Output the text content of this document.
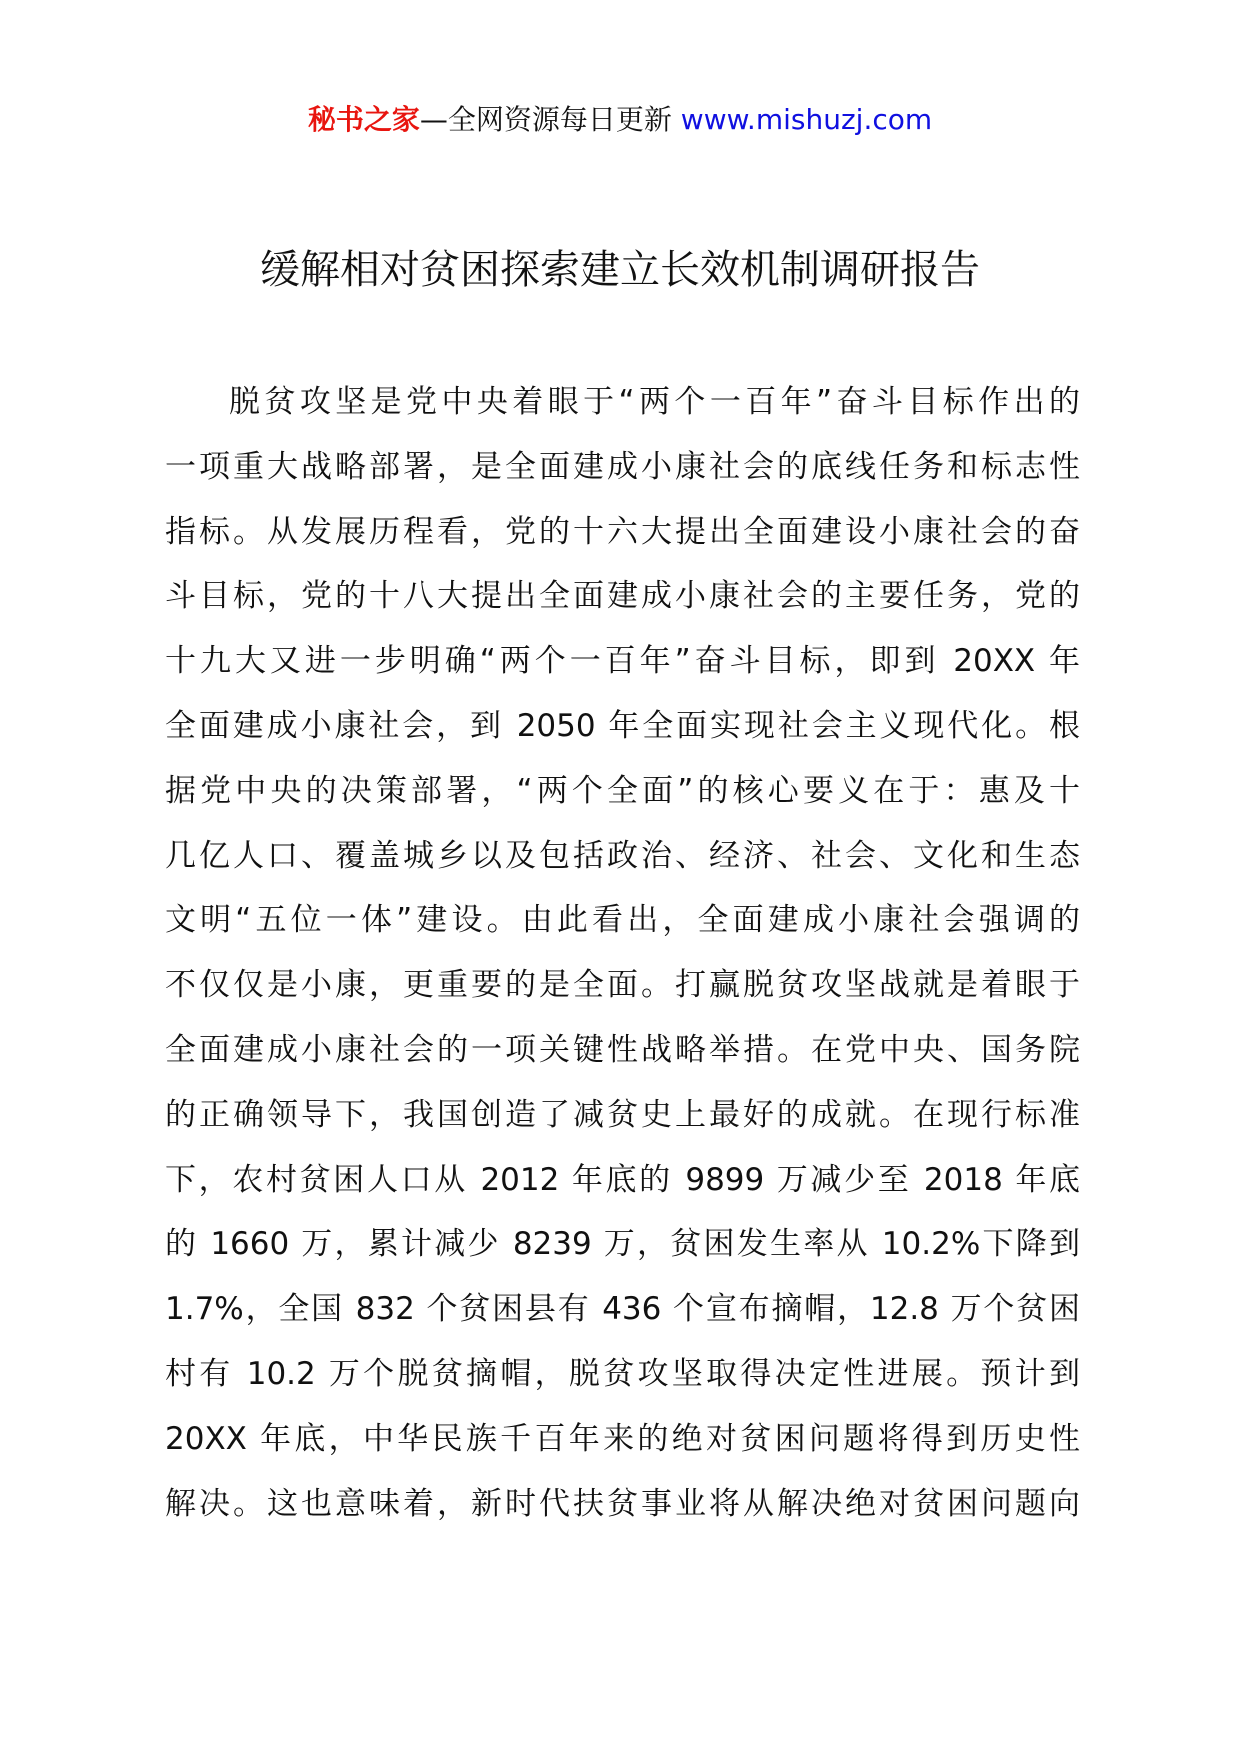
秘书之家—全网资源每日更新 www.mishuzj.com
缓解相对贫困探索建立长效机制调研报告
脱贫攻坚是党中央着眼于“两个一百年”奋斗目标作出的
一项重大战略部署，是全面建成小康社会的底线任务和标志性
指标。从发展历程看，党的十六大提出全面建设小康社会的奋
斗目标，党的十八大提出全面建成小康社会的主要任务，党的
十九大又进一步明确“两个一百年”奋斗目标，即到 20XX 年
全面建成小康社会，到 2050 年全面实现社会主义现代化。根
据党中央的决策部署，“两个全面”的核心要义在于：惠及十
几亿人口、覆盖城乡以及包括政治、经济、社会、文化和生态
文明“五位一体”建设。由此看出，全面建成小康社会强调的
不仅仅是小康，更重要的是全面。打赢脱贫攻坚战就是着眼于
全面建成小康社会的一项关键性战略举措。在党中央、国务院
的正确领导下，我国创造了减贫史上最好的成就。在现行标准
下，农村贫困人口从 2012 年底的 9899 万减少至 2018 年底
的 1660 万，累计减少 8239 万，贫困发生率从 10.2%下降到
1.7%，全国 832 个贫困县有 436 个宣布摘帽，12.8 万个贫困
村有 10.2 万个脱贫摘帽，脱贫攻坚取得决定性进展。预计到
20XX 年底，中华民族千百年来的绝对贫困问题将得到历史性
解决。这也意味着，新时代扶贫事业将从解决绝对贫困问题向
